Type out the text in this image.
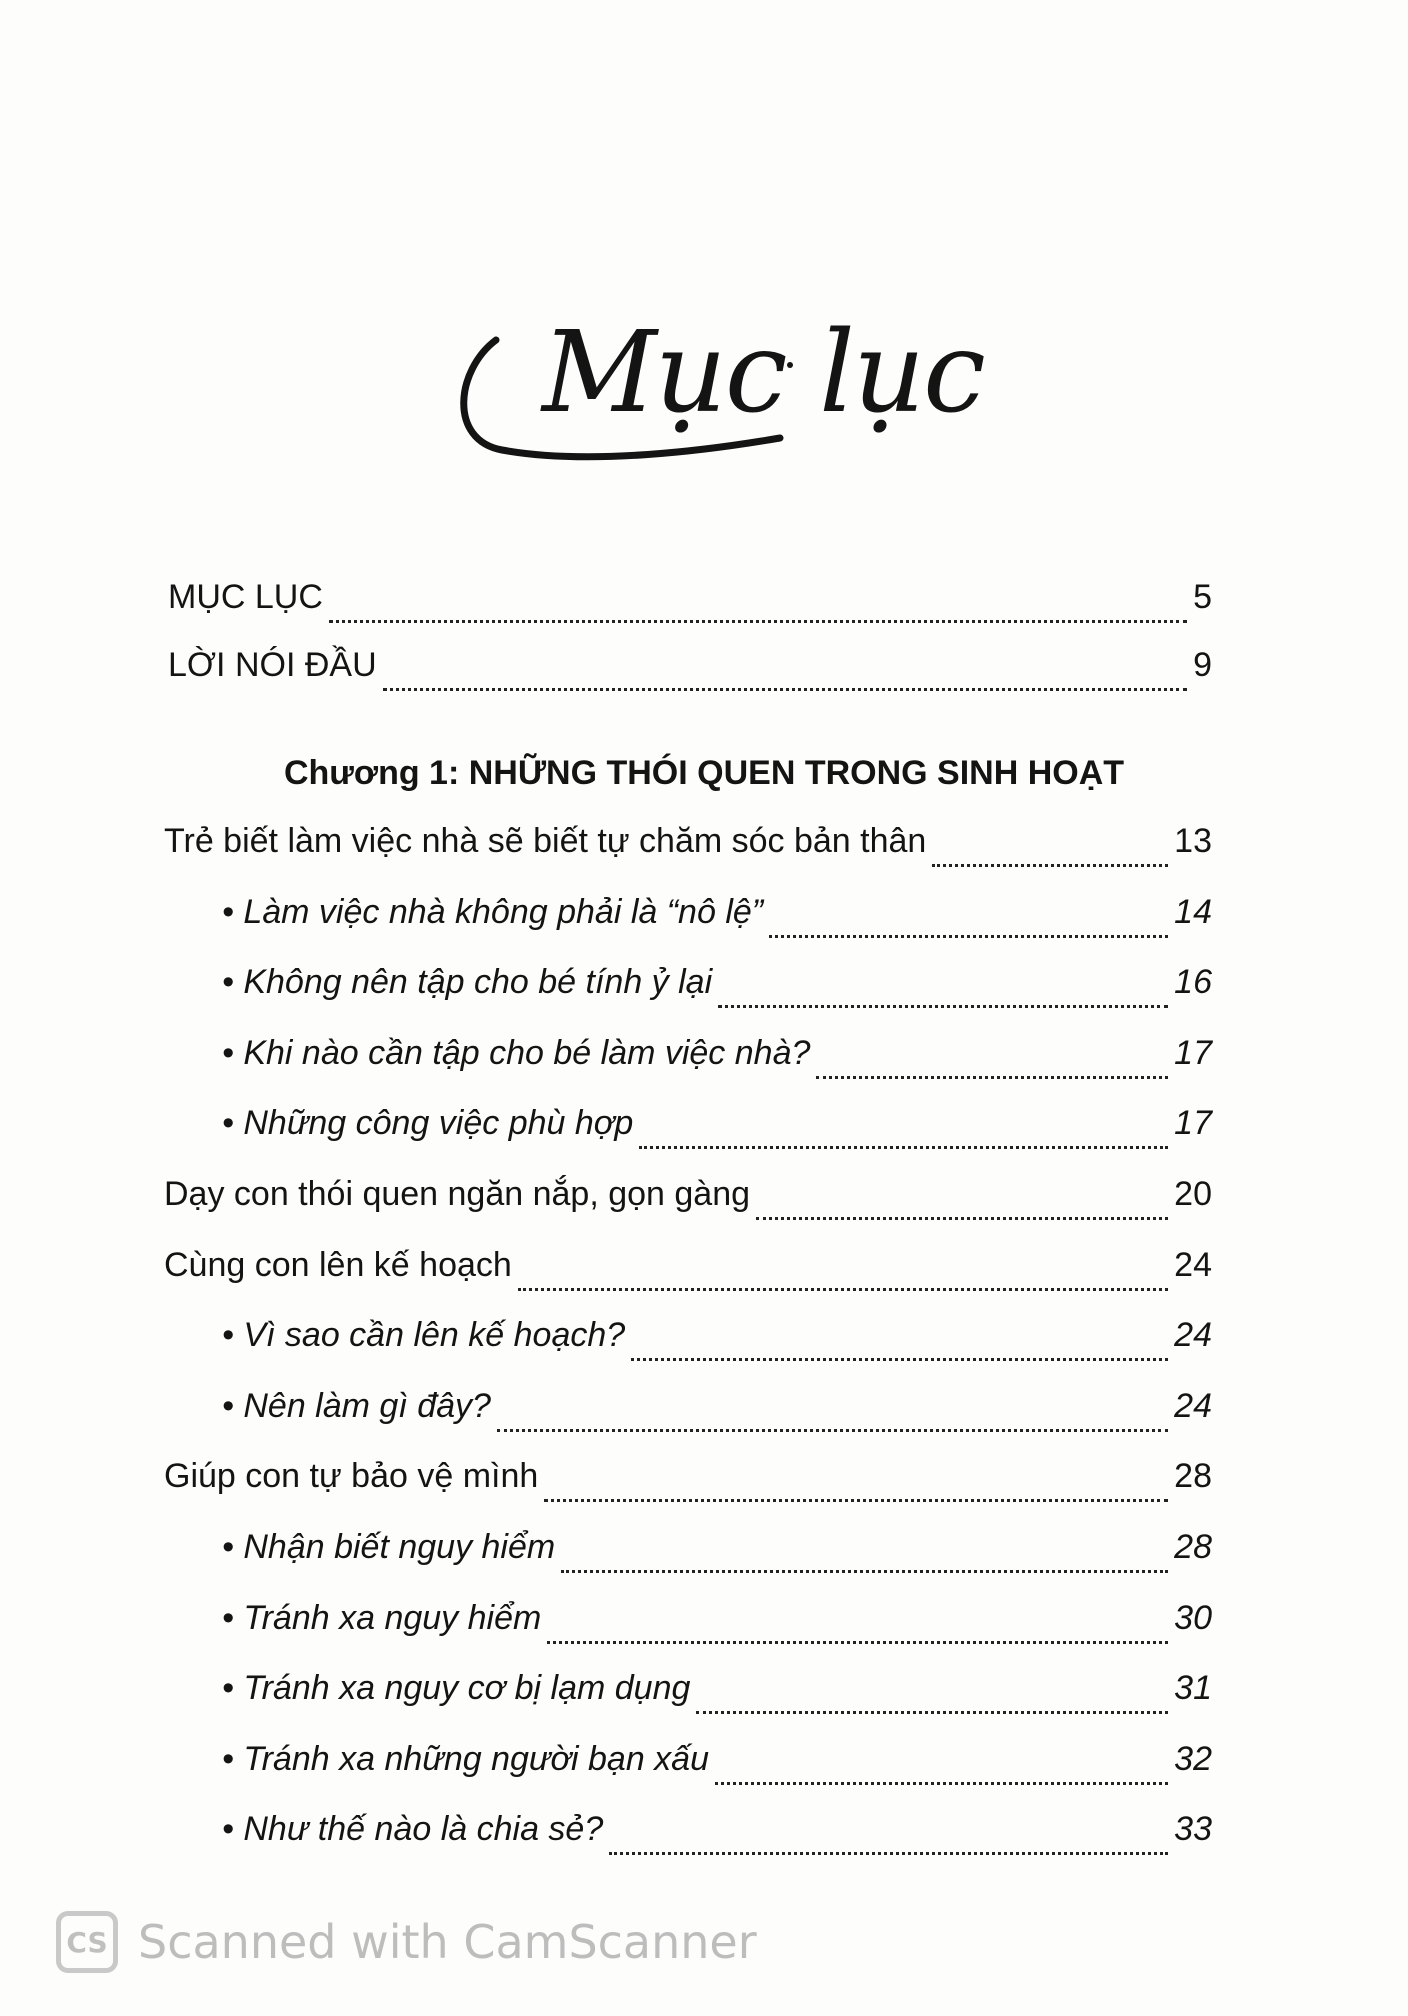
Mục lục
MỤC LỤC	5
LỜI NÓI ĐẦU	9
Chương 1: NHỮNG THÓI QUEN TRONG SINH HOẠT
Trẻ biết làm việc nhà sẽ biết tự chăm sóc bản thân	13
• Làm việc nhà không phải là “nô lệ”	14
• Không nên tập cho bé tính ỷ lại	16
• Khi nào cần tập cho bé làm việc nhà?	17
• Những công việc phù hợp	17
Dạy con thói quen ngăn nắp, gọn gàng	20
Cùng con lên kế hoạch	24
• Vì sao cần lên kế hoạch?	24
• Nên làm gì đây?	24
Giúp con tự bảo vệ mình	28
• Nhận biết nguy hiểm	28
• Tránh xa nguy hiểm	30
• Tránh xa nguy cơ bị lạm dụng	31
• Tránh xa những người bạn xấu	32
• Như thế nào là chia sẻ?	33
CS Scanned with CamScanner
